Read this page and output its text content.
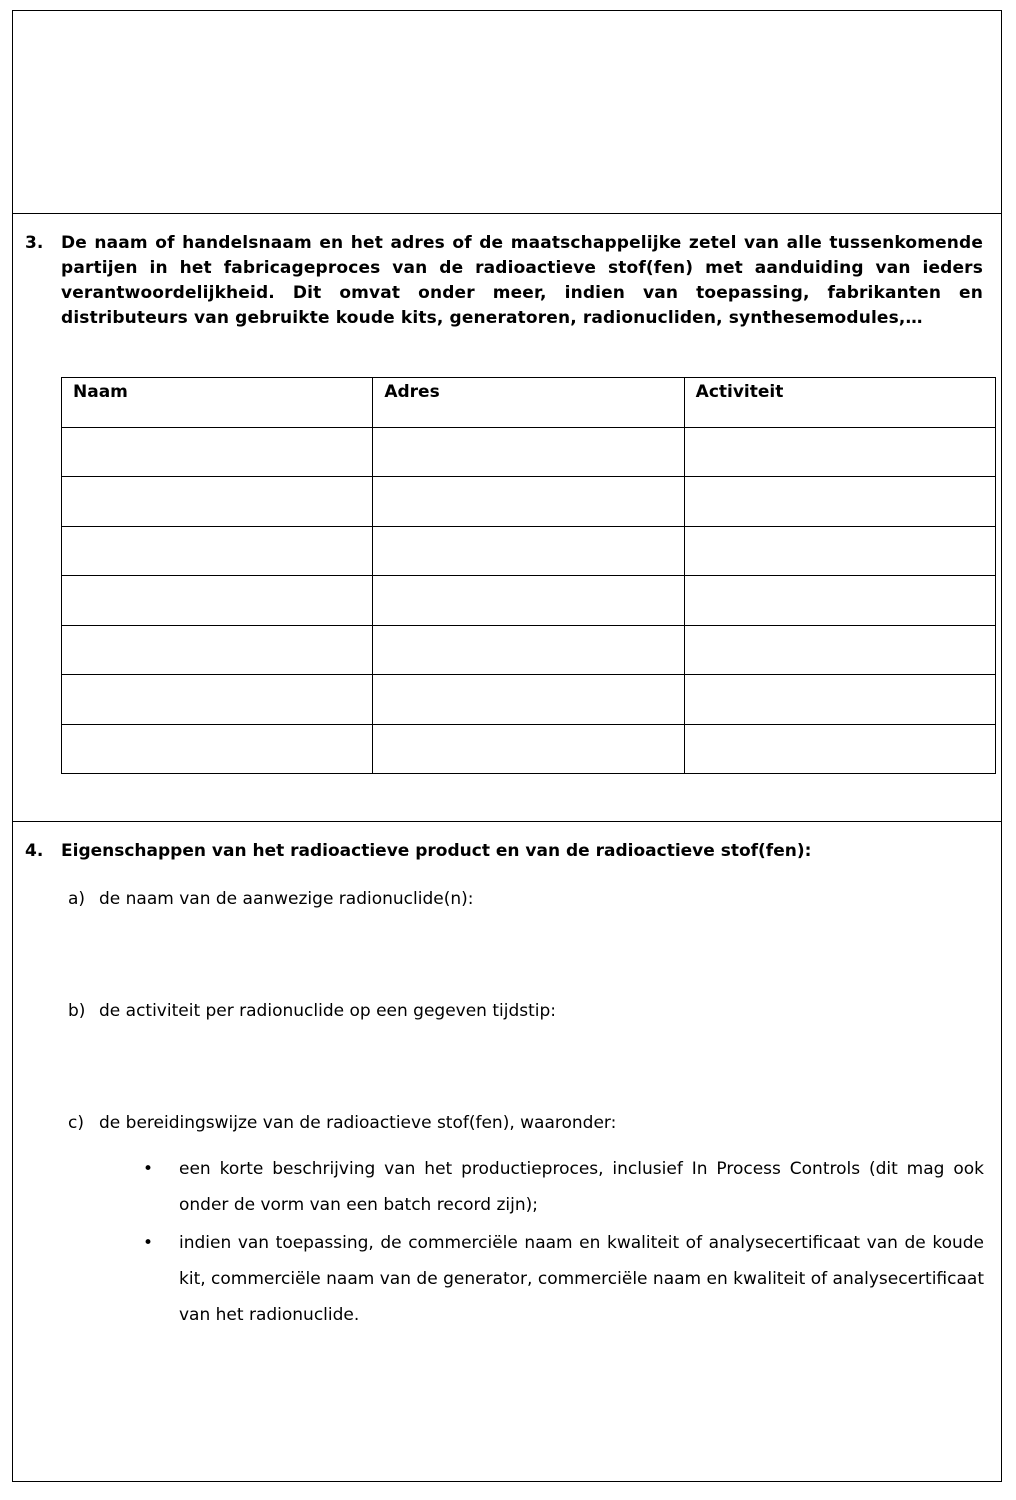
3.	De naam of handelsnaam en het adres of de maatschappelijke zetel van alle tussenkomende partijen in het fabricageproces van de radioactieve stof(fen) met aanduiding van ieders verantwoordelijkheid. Dit omvat onder meer, indien van toepassing, fabrikanten en distributeurs van gebruikte koude kits, generatoren, radionucliden, synthesemodules,…
Naam	Adres	Activiteit

4.	Eigenschappen van het radioactieve product en van de radioactieve stof(fen):
a) de naam van de aanwezige radionuclide(n):
b) de activiteit per radionuclide op een gegeven tijdstip:
c) de bereidingswijze van de radioactieve stof(fen), waaronder:
• een korte beschrijving van het productieproces, inclusief In Process Controls (dit mag ook onder de vorm van een batch record zijn);
• indien van toepassing, de commerciële naam en kwaliteit of analysecertificaat van de koude kit, commerciële naam van de generator, commerciële naam en kwaliteit of analysecertificaat van het radionuclide.
